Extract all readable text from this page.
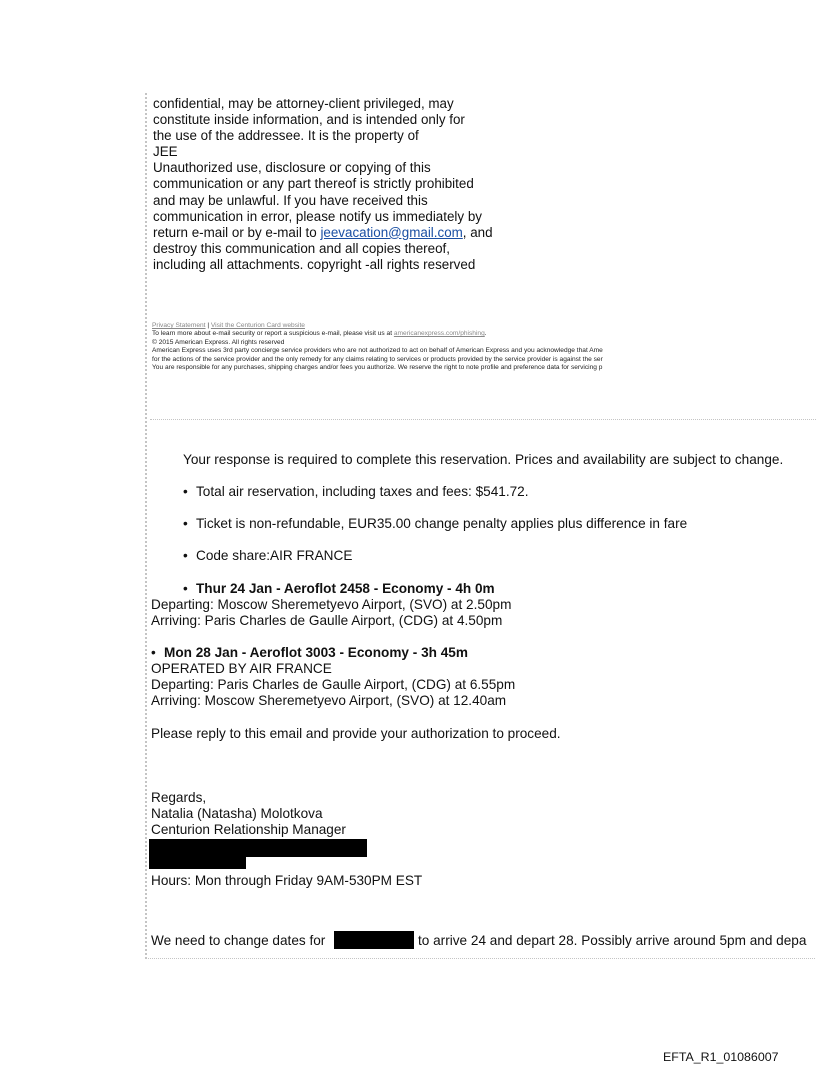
confidential, may be attorney-client privileged, may
constitute inside information, and is intended only for
the use of the addressee. It is the property of
JEE
Unauthorized use, disclosure or copying of this
communication or any part thereof is strictly prohibited
and may be unlawful. If you have received this
communication in error, please notify us immediately by
return e-mail or by e-mail to jeevacation@gmail.com, and
destroy this communication and all copies thereof,
including all attachments. copyright -all rights reserved
Privacy Statement | Visit the Centurion Card website
To learn more about e-mail security or report a suspicious e-mail, please visit us at americanexpress.com/phishing.
© 2015 American Express. All rights reserved
American Express uses 3rd party concierge service providers who are not authorized to act on behalf of American Express and you acknowledge that Ame
for the actions of the service provider and the only remedy for any claims relating to services or products provided by the service provider is against the ser
You are responsible for any purchases, shipping charges and/or fees you authorize. We reserve the right to note profile and preference data for servicing p
Your response is required to complete this reservation. Prices and availability are subject to change.
• Total air reservation, including taxes and fees: $541.72.
• Ticket is non-refundable, EUR35.00 change penalty applies plus difference in fare
• Code share:AIR FRANCE
• Thur 24 Jan - Aeroflot 2458 - Economy - 4h 0m
Departing: Moscow Sheremetyevo Airport, (SVO) at 2.50pm
Arriving: Paris Charles de Gaulle Airport, (CDG) at 4.50pm
• Mon 28 Jan - Aeroflot 3003 - Economy - 3h 45m
OPERATED BY AIR FRANCE
Departing: Paris Charles de Gaulle Airport, (CDG) at 6.55pm
Arriving: Moscow Sheremetyevo Airport, (SVO) at 12.40am
Please reply to this email and provide your authorization to proceed.
Regards,
Natalia (Natasha) Molotkova
Centurion Relationship Manager
Hours: Mon through Friday 9AM-530PM EST
We need to change dates for	to arrive 24 and depart 28. Possibly arrive around 5pm and depa
EFTA_R1_01086007
